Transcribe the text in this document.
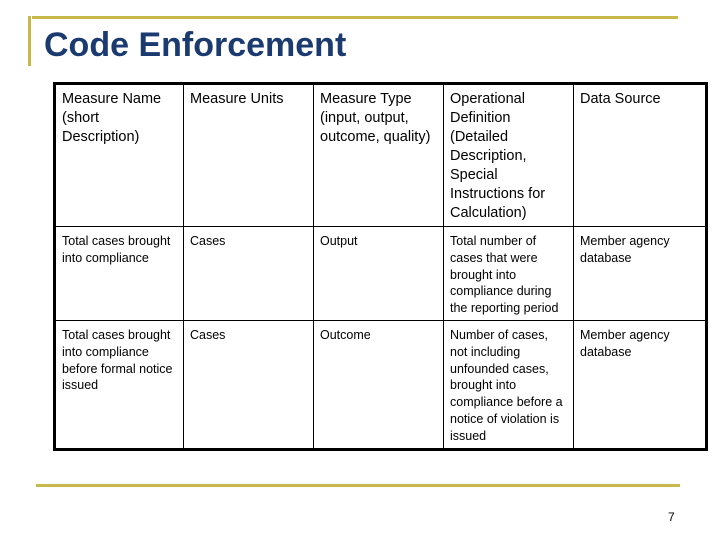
Code Enforcement
Measure Name (short Description)	Measure Units	Measure Type (input, output, outcome, quality)	Operational Definition (Detailed Description, Special Instructions for Calculation)	Data Source
Total cases brought into compliance	Cases	Output	Total number of cases that were brought into compliance during the reporting period	Member agency database
Total cases brought into compliance before formal notice issued	Cases	Outcome	Number of cases, not including unfounded cases, brought into compliance before a notice of violation is issued	Member agency database
7
